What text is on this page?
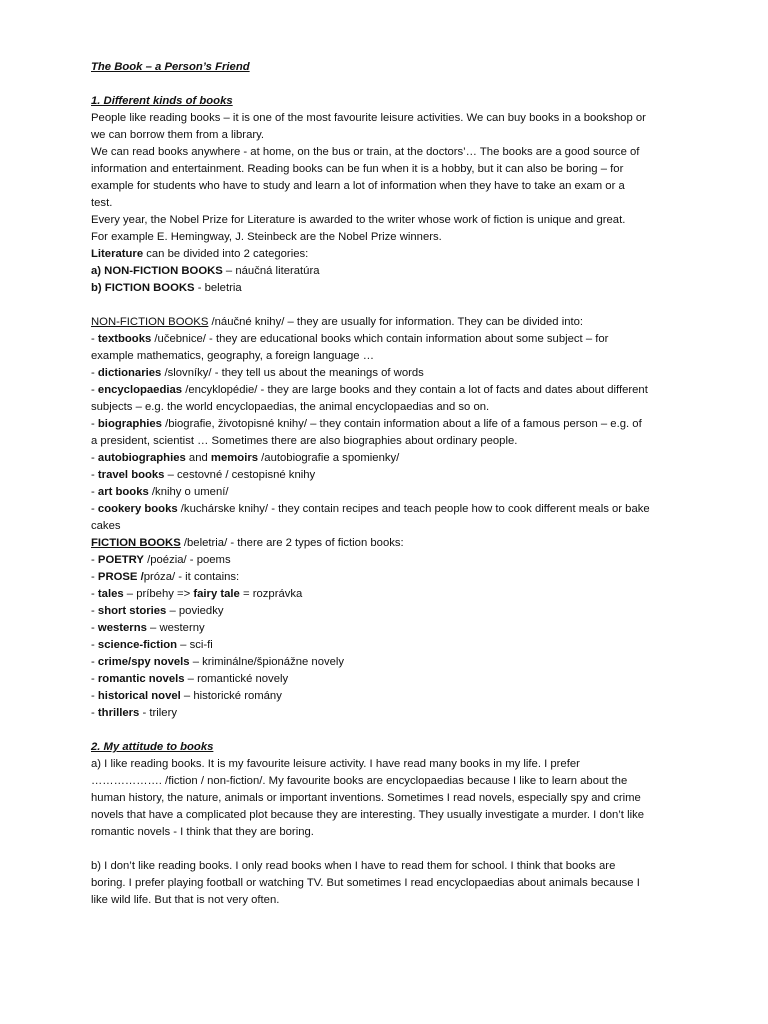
The Book – a Person’s Friend
1. Different kinds of books
People like reading books – it is one of the most favourite leisure activities. We can buy books in a bookshop or
we can borrow them from a library.
We can read books anywhere - at home, on the bus or train, at the doctors’… The books are a good source of
information and entertainment. Reading books can be fun when it is a hobby, but it can also be boring – for
example for students who have to study and learn a lot of information when they have to take an exam or a
test.
Every year, the Nobel Prize for Literature is awarded to the writer whose work of fiction is unique and great.
For example E. Hemingway, J. Steinbeck are the Nobel Prize winners.
Literature can be divided into 2 categories:
a) NON-FICTION BOOKS – náučná literatúra
b) FICTION BOOKS - beletria
NON-FICTION BOOKS /náučné knihy/ – they are usually for information. They can be divided into:
- textbooks /učebnice/ - they are educational books which contain information about some subject – for
example mathematics, geography, a foreign language …
- dictionaries /slovníky/ - they tell us about the meanings of words
- encyclopaedias /encyklopédie/ - they are large books and they contain a lot of facts and dates about different
subjects – e.g. the world encyclopaedias, the animal encyclopaedias and so on.
- biographies /biografie, životopisné knihy/ – they contain information about a life of a famous person – e.g. of
a president, scientist … Sometimes there are also biographies about ordinary people.
- autobiographies and memoirs /autobiografie a spomienky/
- travel books – cestovné / cestopisné knihy
- art books /knihy o umení/
- cookery books /kuchárske knihy/ - they contain recipes and teach people how to cook different meals or bake
cakes
FICTION BOOKS /beletria/ - there are 2 types of fiction books:
- POETRY /poézia/ - poems
- PROSE /próza/ - it contains:
- tales – príbehy => fairy tale = rozprávka
- short stories – poviedky
- westerns – westerny
- science-fiction – sci-fi
- crime/spy novels – kriminálne/špionážne novely
- romantic novels – romantické novely
- historical novel – historické romány
- thrillers - trilery
2. My attitude to books
a) I like reading books. It is my favourite leisure activity. I have read many books in my life. I prefer
………………. /fiction / non-fiction/. My favourite books are encyclopaedias because I like to learn about the
human history, the nature, animals or important inventions. Sometimes I read novels, especially spy and crime
novels that have a complicated plot because they are interesting. They usually investigate a murder. I don’t like
romantic novels - I think that they are boring.
b) I don’t like reading books. I only read books when I have to read them for school. I think that books are
boring. I prefer playing football or watching TV. But sometimes I read encyclopaedias about animals because I
like wild life. But that is not very often.
